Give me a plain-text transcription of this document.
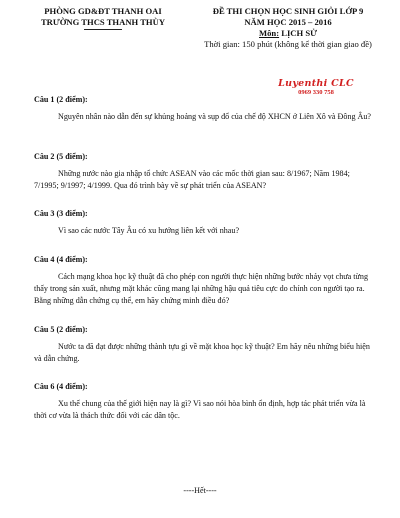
PHÒNG GD&ĐT THANH OAI
TRƯỜNG THCS THANH THÙY
ĐỀ THI CHỌN HỌC SINH GIỎI LỚP 9
NĂM HỌC 2015 – 2016
Môn: LỊCH SỬ
Thời gian: 150 phút (không kể thời gian giao đề)
Luyenthi CLC
0969 330 758
Câu 1 (2 điểm):
Nguyên nhân nào dẫn đến sự khủng hoảng và sụp đổ của chế độ XHCN ở Liên Xô và Đông Âu?
Câu 2 (5 điểm):
Những nước nào gia nhập tổ chức ASEAN vào các mốc thời gian sau: 8/1967; Năm 1984; 7/1995; 9/1997; 4/1999. Qua đó trình bày về sự phát triển của ASEAN?
Câu 3 (3 điểm):
Vì sao các nước Tây Âu có xu hướng liên kết với nhau?
Câu 4 (4 điểm):
Cách mạng khoa học kỹ thuật đã cho phép con người thực hiện những bước nhảy vọt chưa từng thấy trong sản xuất, nhưng mặt khác cũng mang lại những hậu quả tiêu cực do chính con người tạo ra. Bằng những dẫn chứng cụ thể, em hãy chứng minh điều đó?
Câu 5 (2 điểm):
Nước ta đã đạt được những thành tựu gì về mặt khoa học kỹ thuật? Em hãy nêu những biểu hiện và dẫn chứng.
Câu 6 (4 điểm):
Xu thế chung của thế giới hiện nay là gì? Vì sao nói hòa bình ổn định, hợp tác phát triển vừa là thời cơ vừa là thách thức đối với các dân tộc.
----Hết----
